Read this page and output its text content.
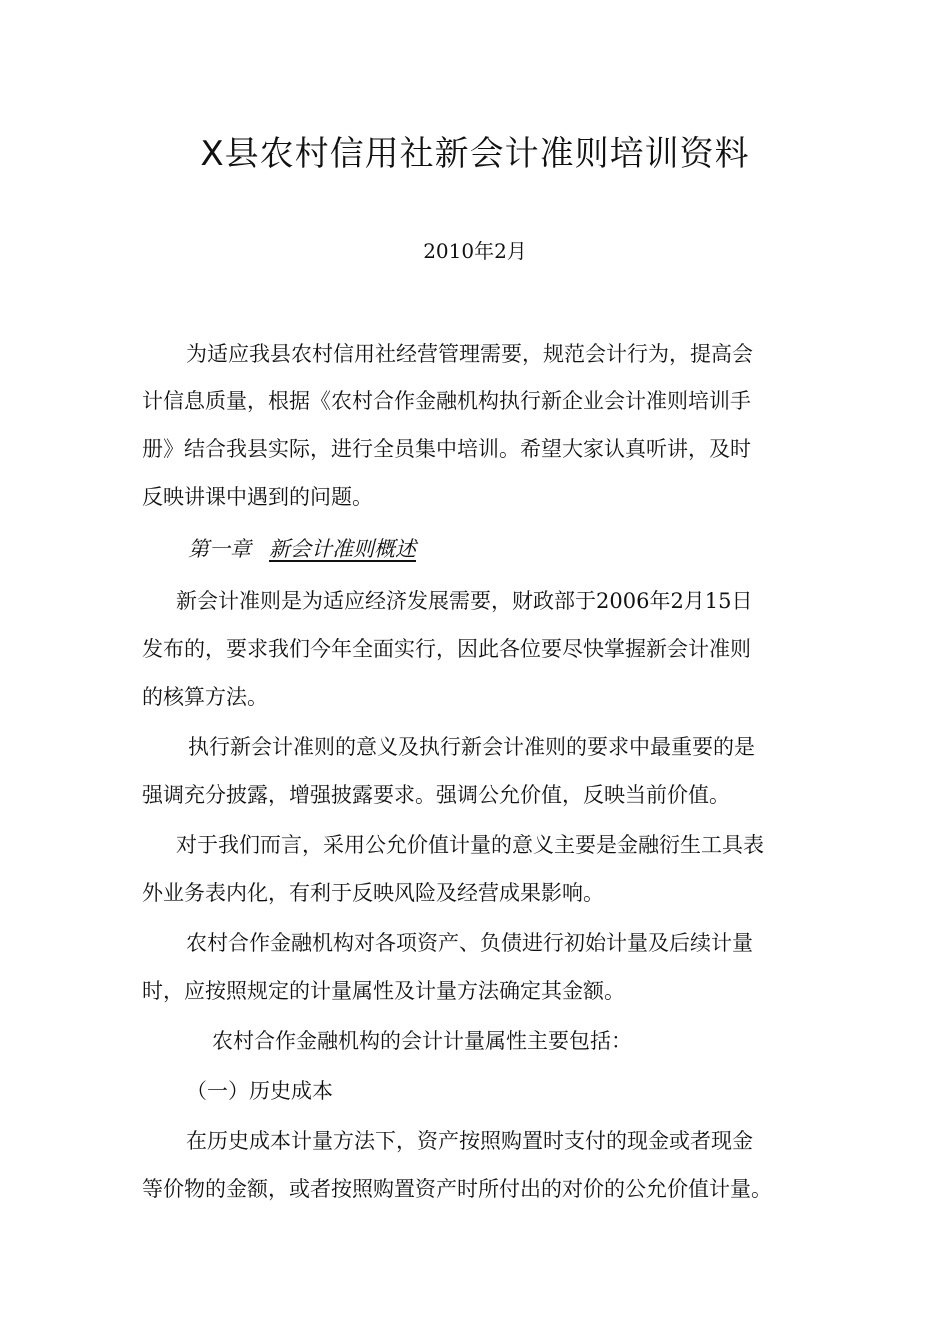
X县农村信用社新会计准则培训资料
2010年2月
为适应我县农村信用社经营管理需要，规范会计行为，提高会
计信息质量，根据《农村合作金融机构执行新企业会计准则培训手
册》结合我县实际，进行全员集中培训。希望大家认真听讲，及时
反映讲课中遇到的问题。
第一章 新会计准则概述
新会计准则是为适应经济发展需要，财政部于2006年2月15日
发布的，要求我们今年全面实行，因此各位要尽快掌握新会计准则
的核算方法。
执行新会计准则的意义及执行新会计准则的要求中最重要的是
强调充分披露，增强披露要求。强调公允价值，反映当前价值。
对于我们而言，采用公允价值计量的意义主要是金融衍生工具表
外业务表内化，有利于反映风险及经营成果影响。
农村合作金融机构对各项资产、负债进行初始计量及后续计量
时，应按照规定的计量属性及计量方法确定其金额。
农村合作金融机构的会计计量属性主要包括：
（一）历史成本
在历史成本计量方法下，资产按照购置时支付的现金或者现金
等价物的金额，或者按照购置资产时所付出的对价的公允价值计量。
